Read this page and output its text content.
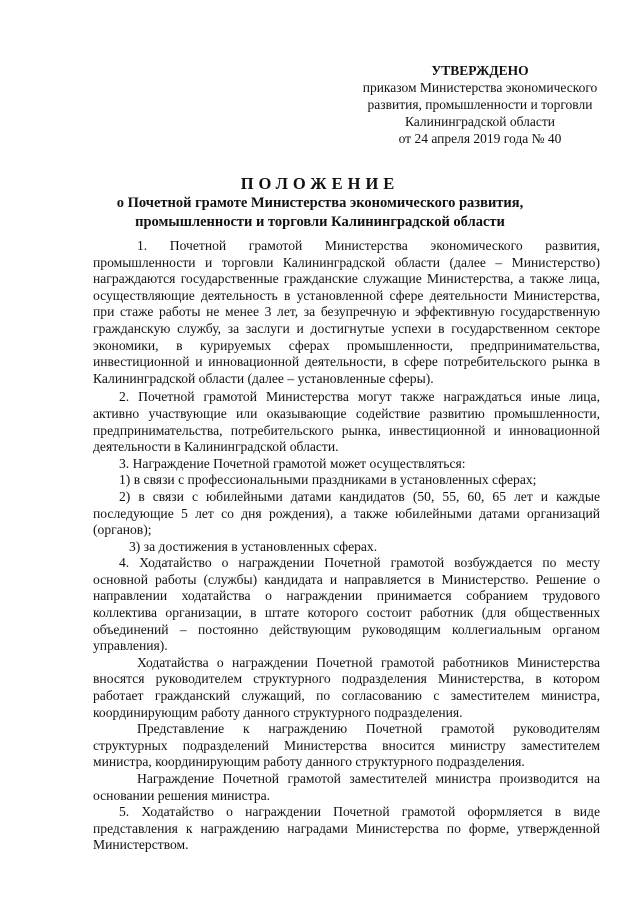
УТВЕРЖДЕНО
приказом Министерства экономического
развития, промышленности и торговли
Калининградской области
от 24 апреля 2019 года № 40
ПОЛОЖЕНИЕ
о Почетной грамоте Министерства экономического развития,
промышленности и торговли Калининградской области

1. Почетной грамотой Министерства экономического развития, промышленности и торговли Калининградской области (далее – Министерство) награждаются государственные гражданские служащие Министерства, а также лица, осуществляющие деятельность в установленной сфере деятельности Министерства, при стаже работы не менее 3 лет, за безупречную и эффективную государственную гражданскую службу, за заслуги и достигнутые успехи в государственном секторе экономики, в курируемых сферах промышленности, предпринимательства, инвестиционной и инновационной деятельности, в сфере потребительского рынка в Калининградской области (далее – установленные сферы).

2. Почетной грамотой Министерства могут также награждаться иные лица, активно участвующие или оказывающие содействие развитию промышленности, предпринимательства, потребительского рынка, инвестиционной и инновационной деятельности в Калининградской области.

3. Награждение Почетной грамотой может осуществляться:

1) в связи с профессиональными праздниками в установленных сферах;

2) в связи с юбилейными датами кандидатов (50, 55, 60, 65 лет и каждые последующие 5 лет со дня рождения), а также юбилейными датами организаций (органов);

3) за достижения в установленных сферах.

4. Ходатайство о награждении Почетной грамотой возбуждается по месту основной работы (службы) кандидата и направляется в Министерство. Решение о направлении ходатайства о награждении принимается собранием трудового коллектива организации, в штате которого состоит работник (для общественных объединений – постоянно действующим руководящим коллегиальным органом управления).

Ходатайства о награждении Почетной грамотой работников Министерства вносятся руководителем структурного подразделения Министерства, в котором работает гражданский служащий, по согласованию с заместителем министра, координирующим работу данного структурного подразделения.

Представление к награждению Почетной грамотой руководителям структурных подразделений Министерства вносится министру заместителем министра, координирующим работу данного структурного подразделения.

Награждение Почетной грамотой заместителей министра производится на основании решения министра.

5. Ходатайство о награждении Почетной грамотой оформляется в виде представления к награждению наградами Министерства по форме, утвержденной Министерством.
